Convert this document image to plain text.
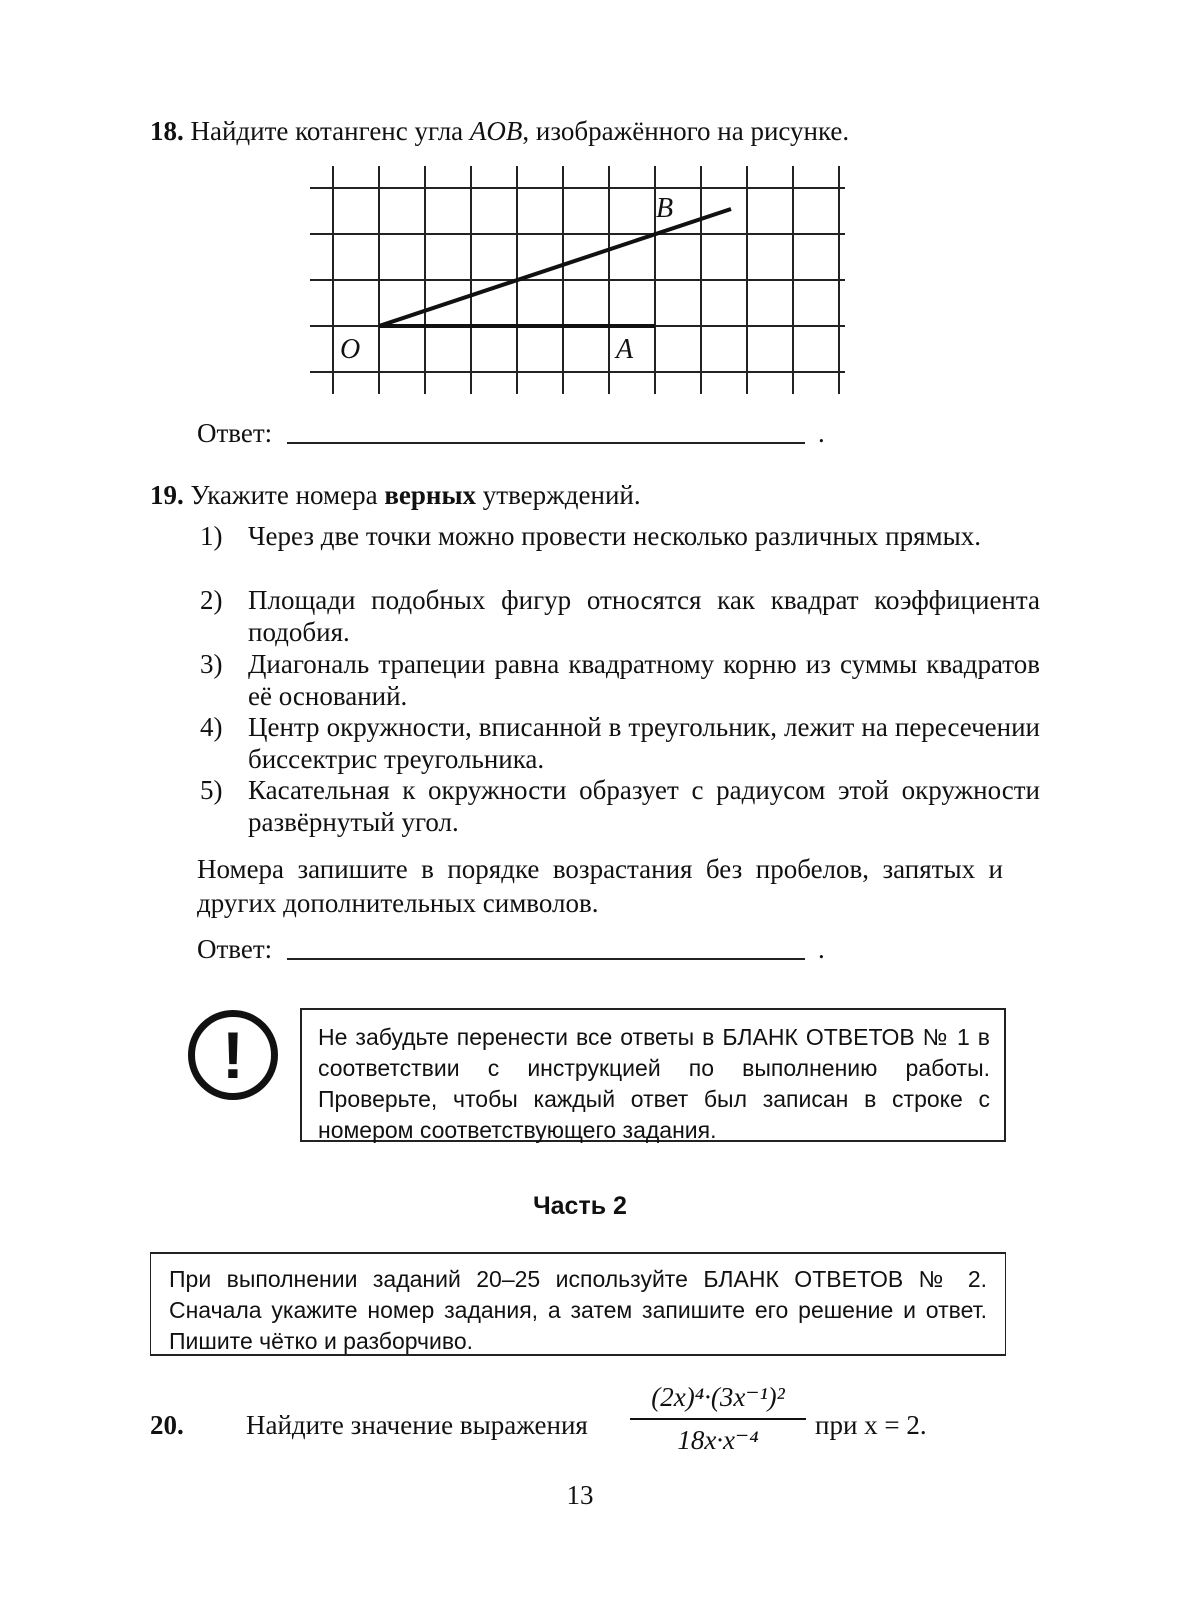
18. Найдите котангенс угла AOB, изображённого на рисунке.
O	A
B
Ответ:	.
19. Укажите номера верных утверждений.
1) Через две точки можно провести несколько различных прямых.
2) Площади подобных фигур относятся как квадрат коэффициента подобия.
3) Диагональ трапеции равна квадратному корню из суммы квадратов её оснований.
4) Центр окружности, вписанной в треугольник, лежит на пересечении биссектрис треугольника.
5) Касательная к окружности образует с радиусом этой окружности развёрнутый угол.
Номера запишите в порядке возрастания без пробелов, запятых и других дополнительных символов.
Ответ:	.
!	Не забудьте перенести все ответы в БЛАНК ОТВЕТОВ № 1 в соответствии с инструкцией по выполнению работы. Проверьте, чтобы каждый ответ был записан в строке с номером соответствующего задания.
Часть 2
При выполнении заданий 20–25 используйте БЛАНК ОТВЕТОВ № 2. Сначала укажите номер задания, а затем запишите его решение и ответ. Пишите чётко и разборчиво.
20. Найдите значение выражения
(2x)⁴·(3x⁻¹)²
18x·x⁻⁴	при x = 2.
13
